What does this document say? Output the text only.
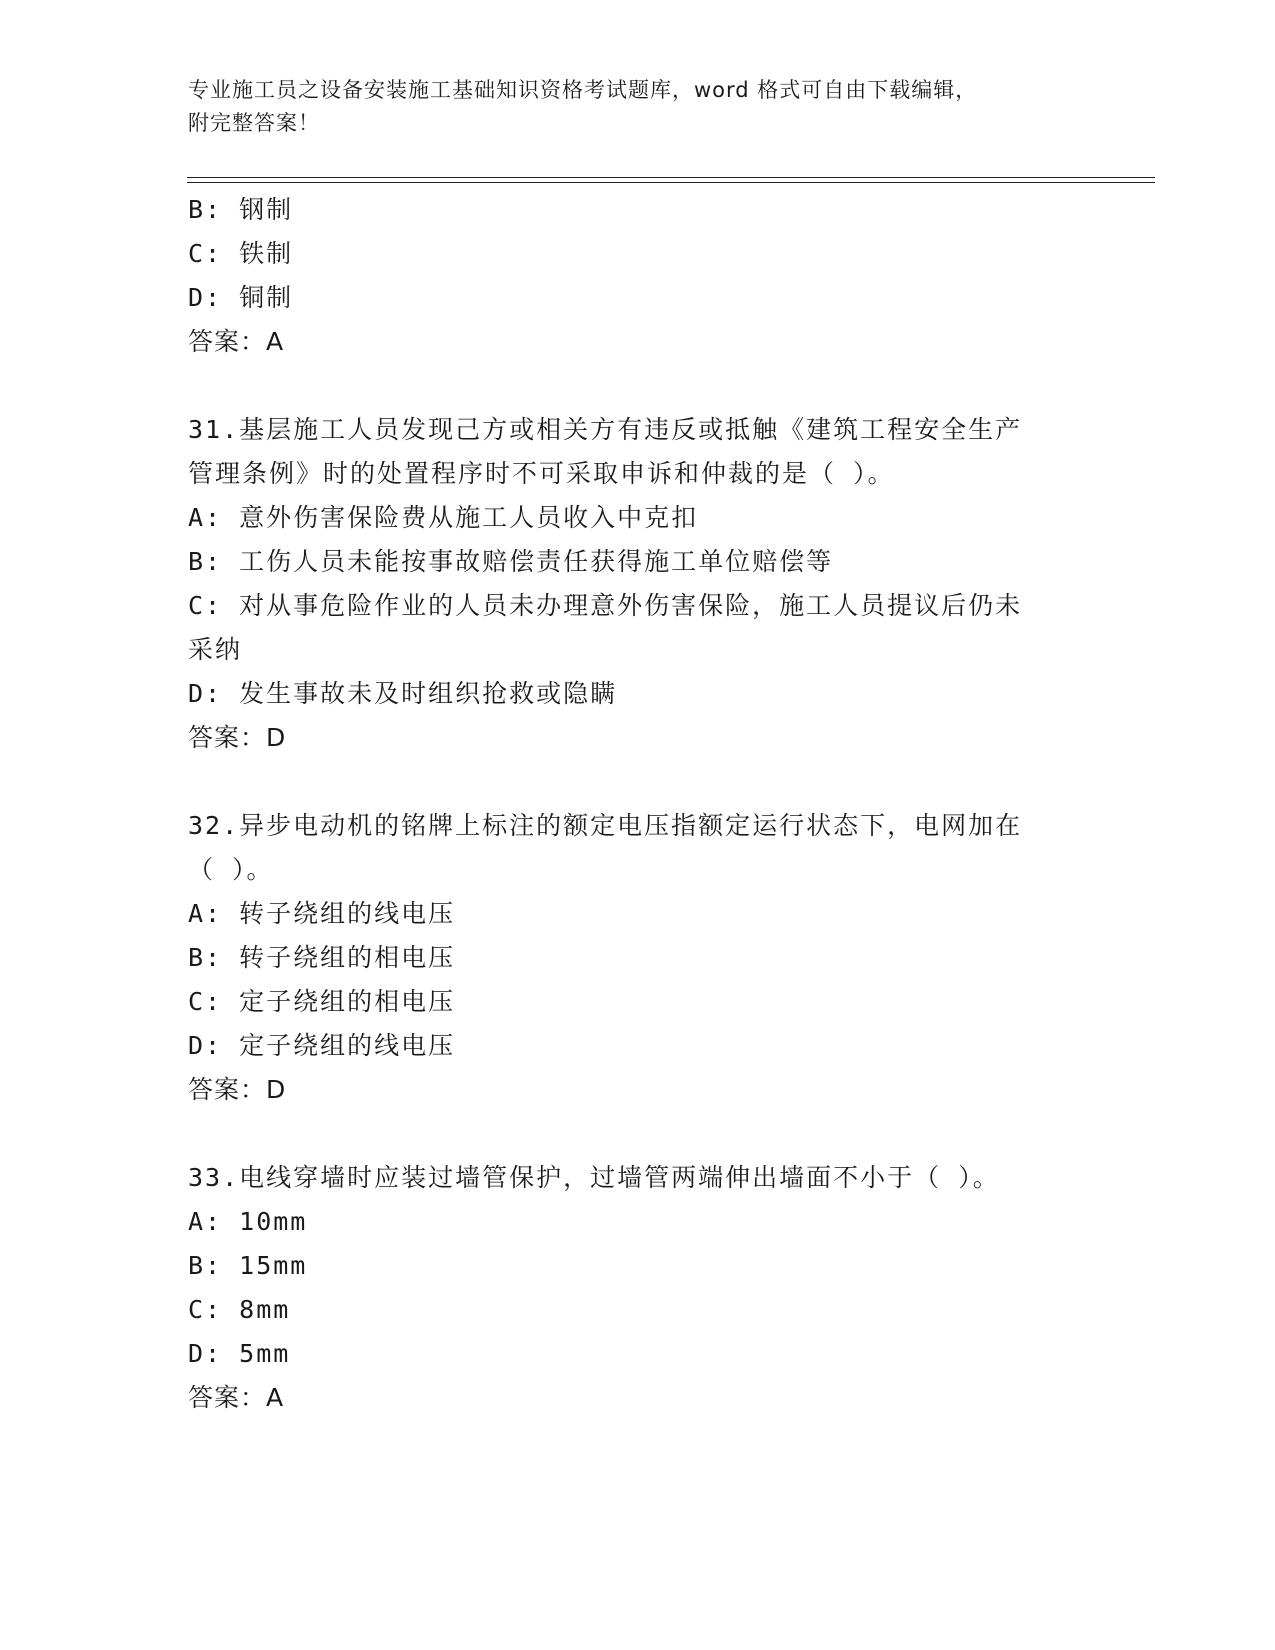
专业施工员之设备安装施工基础知识资格考试题库，word 格式可自由下载编辑，
附完整答案！
B: 钢制
C: 铁制
D: 铜制
答案：A
31.基层施工人员发现己方或相关方有违反或抵触《建筑工程安全生产
管理条例》时的处置程序时不可采取申诉和仲裁的是（ ）。
A: 意外伤害保险费从施工人员收入中克扣
B: 工伤人员未能按事故赔偿责任获得施工单位赔偿等
C: 对从事危险作业的人员未办理意外伤害保险，施工人员提议后仍未
采纳
D: 发生事故未及时组织抢救或隐瞒
答案：D
32.异步电动机的铭牌上标注的额定电压指额定运行状态下，电网加在
（ ）。
A: 转子绕组的线电压
B: 转子绕组的相电压
C: 定子绕组的相电压
D: 定子绕组的线电压
答案：D
33.电线穿墙时应装过墙管保护，过墙管两端伸出墙面不小于（ ）。
A: 10mm
B: 15mm
C: 8mm
D: 5mm
答案：A
